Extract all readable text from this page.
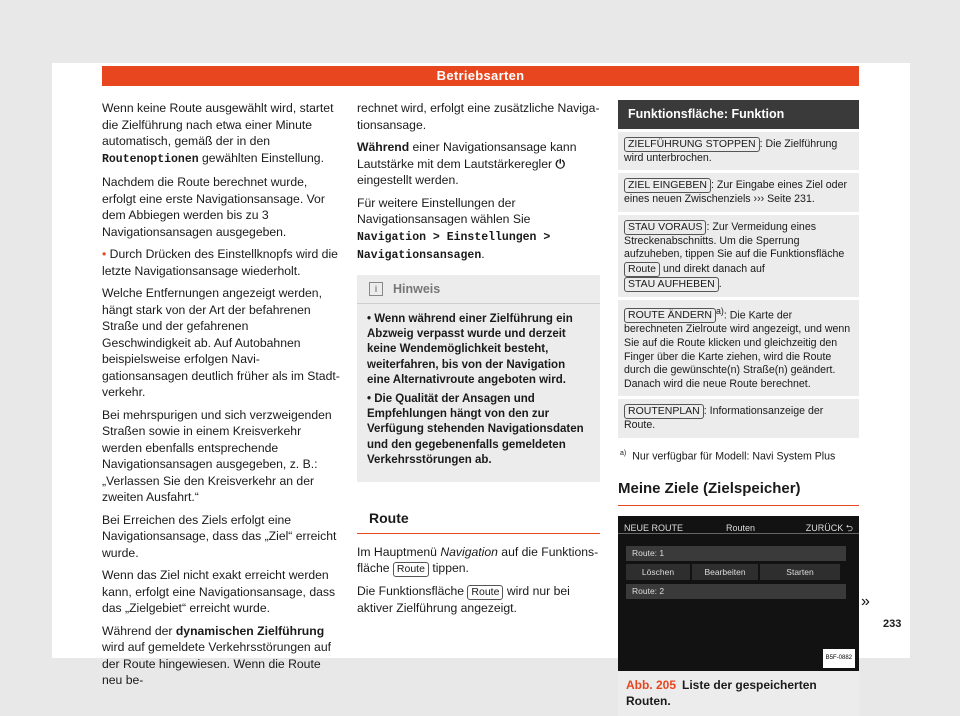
Betriebsarten

Wenn keine Route ausgewählt wird, startet die Zielführung nach etwa einer Minute automatisch, gemäß der in den Routenoptionen gewählten Einstellung.

Nachdem die Route berechnet wurde, erfolgt eine erste Navigationsansage. Vor dem Abbiegen werden bis zu 3 Navigationsansagen ausgegeben.

• Durch Drücken des Einstellknopfs wird die letzte Navigationsansage wiederholt.

Welche Entfernungen angezeigt werden, hängt stark von der Art der befahrenen Straße und der gefahrenen Geschwindigkeit ab. Auf Autobahnen beispielsweise erfolgen Navigationsansagen deutlich früher als im Stadtverkehr.

Bei mehrspurigen und sich verzweigenden Straßen sowie in einem Kreisverkehr werden ebenfalls entsprechende Navigationsansagen ausgegeben, z. B.: „Verlassen Sie den Kreisverkehr an der zweiten Ausfahrt.“

Bei Erreichen des Ziels erfolgt eine Navigationsansage, dass das „Ziel“ erreicht wurde.

Wenn das Ziel nicht exakt erreicht werden kann, erfolgt eine Navigationsansage, dass das „Zielgebiet“ erreicht wurde.

Während der dynamischen Zielführung wird auf gemeldete Verkehrsstörungen auf der Route hingewiesen. Wenn die Route neu be-

rechnet wird, erfolgt eine zusätzliche Navigationsansage.

Während einer Navigationsansage kann Lautstärke mit dem Lautstärkeregler ⏻ eingestellt werden.

Für weitere Einstellungen der Navigationsansagen wählen Sie Navigation > Einstellungen > Navigationsansagen.

i	Hinweis

• Wenn während einer Zielführung ein Abzweig verpasst wurde und derzeit keine Wendemöglichkeit besteht, weiterfahren, bis von der Navigation eine Alternativroute angeboten wird.

• Die Qualität der Ansagen und Empfehlungen hängt von den zur Verfügung stehenden Navigationsdaten und den gegebenenfalls gemeldeten Verkehrsstörungen ab.

Route

Im Hauptmenü Navigation auf die Funktionsfläche Route tippen.

Die Funktionsfläche Route wird nur bei aktiver Zielführung angezeigt.

Funktionsfläche: Funktion
ZIELFÜHRUNG STOPPEN : Die Zielführung wird unterbrochen.
ZIEL EINGEBEN : Zur Eingabe eines Ziel oder eines neuen Zwischenziels ››› Seite 231.
STAU VORAUS : Zur Vermeidung eines Streckenabschnitts. Um die Sperrung aufzuheben, tippen Sie auf die Funktionsfläche Route und direkt danach auf STAU AUFHEBEN .
ROUTE ÄNDERN $^{a)}$: Die Karte der berechneten Zielroute wird angezeigt, und wenn Sie auf die Route klicken und gleichzeitig den Finger über die Karte ziehen, wird die Route durch die gewünschte(n) Straße(n) geändert. Danach wird die neue Route berechnet.
ROUTENPLAN : Informationsanzeige der Route.
$^{a)}$ Nur verfügbar für Modell: Navi System Plus
Meine Ziele (Zielspeicher)
NEUE ROUTE	Routen	ZURÜCK ⮌
Route: 1
Löschen	Bearbeiten	Starten
Route: 2
B5F-0882
Abb. 205 Liste der gespeicherten Routen.
»
233
